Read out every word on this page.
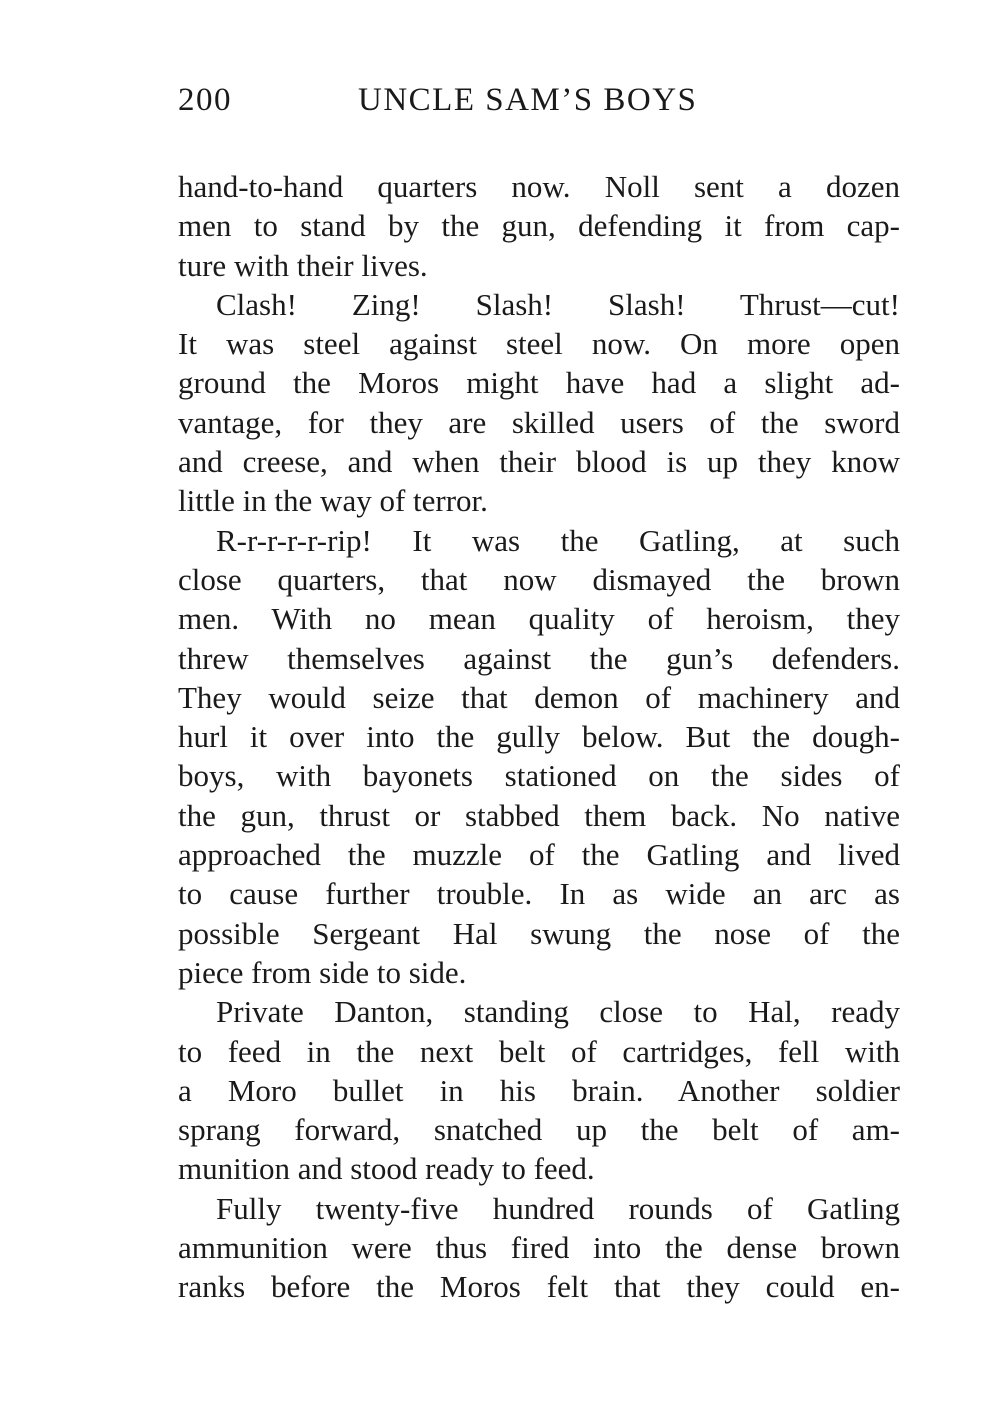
200	UNCLE SAM’S BOYS
hand-to-hand quarters now. Noll sent a dozen
men to stand by the gun, defending it from cap-
ture with their lives.
Clash! Zing! Slash! Slash! Thrust—cut!
It was steel against steel now. On more open
ground the Moros might have had a slight ad-
vantage, for they are skilled users of the sword
and creese, and when their blood is up they know
little in the way of terror.
R-r-r-r-r-rip! It was the Gatling, at such
close quarters, that now dismayed the brown
men. With no mean quality of heroism, they
threw themselves against the gun’s defenders.
They would seize that demon of machinery and
hurl it over into the gully below. But the dough-
boys, with bayonets stationed on the sides of
the gun, thrust or stabbed them back. No native
approached the muzzle of the Gatling and lived
to cause further trouble. In as wide an arc as
possible Sergeant Hal swung the nose of the
piece from side to side.
Private Danton, standing close to Hal, ready
to feed in the next belt of cartridges, fell with
a Moro bullet in his brain. Another soldier
sprang forward, snatched up the belt of am-
munition and stood ready to feed.
Fully twenty-five hundred rounds of Gatling
ammunition were thus fired into the dense brown
ranks before the Moros felt that they could en-
